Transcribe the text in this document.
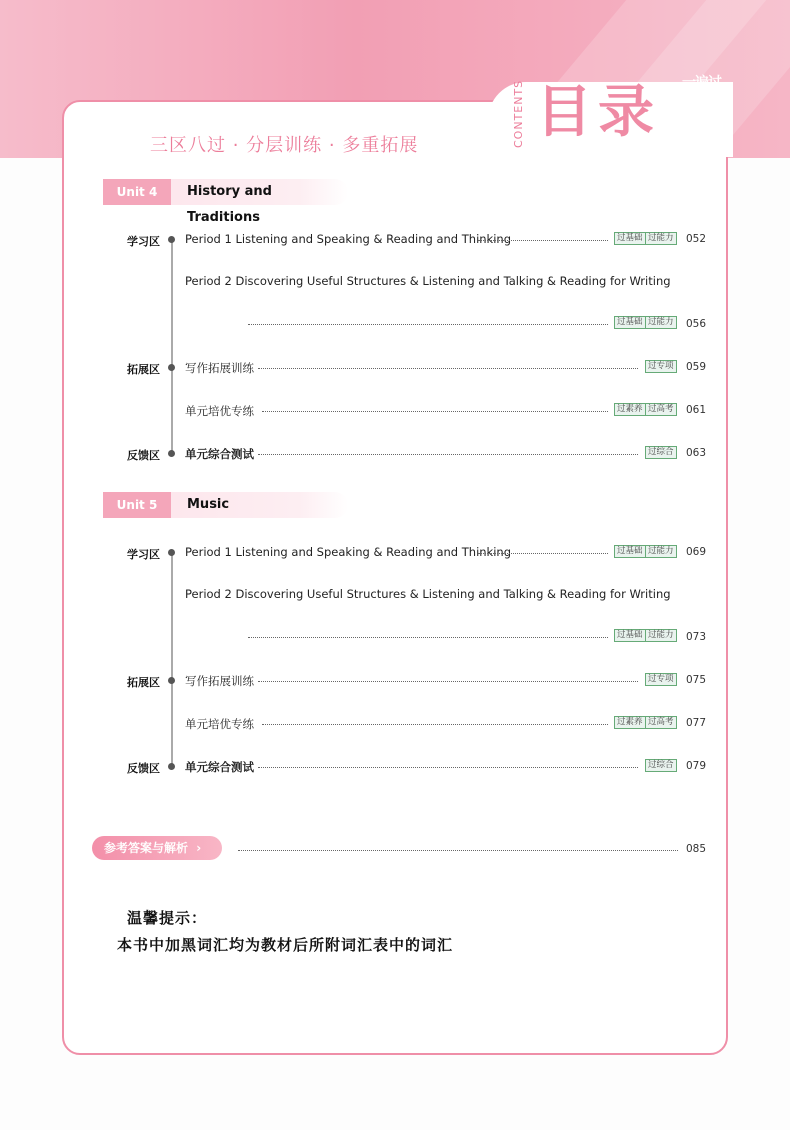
三区八过 · 分层训练 · 多重拓展	CONTENTS 目录 一遍过
Unit 4	History and Traditions
学习区 Period 1 Listening and Speaking & Reading and Thinking	过基础 过能力 052
Period 2 Discovering Useful Structures & Listening and Talking & Reading for Writing
过基础 过能力 056
拓展区 写作拓展训练	过专项 059
单元培优专练	过素养 过高考 061
反馈区 单元综合测试	过综合 063
Unit 5	Music
学习区 Period 1 Listening and Speaking & Reading and Thinking	过基础 过能力 069
Period 2 Discovering Useful Structures & Listening and Talking & Reading for Writing
过基础 过能力 073
拓展区 写作拓展训练	过专项 075
单元培优专练	过素养 过高考 077
反馈区 单元综合测试	过综合 079
参考答案与解析 ›	085
温馨提示：
本书中加黑词汇均为教材后所附词汇表中的词汇
